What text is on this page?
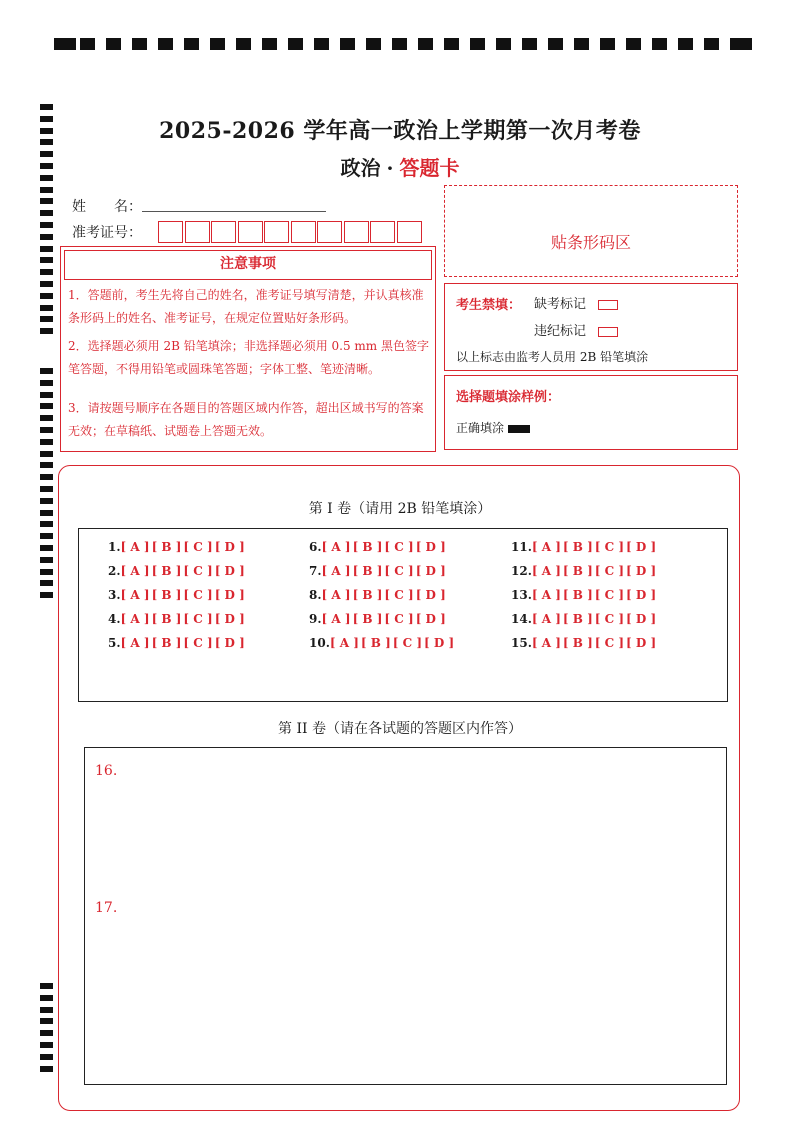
2025-2026 学年高一政治上学期第一次月考卷
政治 · 答题卡
姓　　名：
准考证号：	贴条形码区
注意事项
1．答题前，考生先将自己的姓名，准考证号填写清楚，并认真核准条形码上的姓名、准考证号，在规定位置贴好条形码。
2．选择题必须用 2B 铅笔填涂；非选择题必须用 0.5 mm 黑色签字笔答题，不得用铅笔或圆珠笔答题；字体工整、笔迹清晰。
3．请按题号顺序在各题目的答题区域内作答，超出区域书写的答案无效；在草稿纸、试题卷上答题无效。
考生禁填： 缺考标记
违纪标记
以上标志由监考人员用 2B 铅笔填涂
选择题填涂样例：
正确填涂
第 I 卷（请用 2B 铅笔填涂）
1.[ A ] [ B ] [ C ] [ D ]
2.[ A ] [ B ] [ C ] [ D ]
3.[ A ] [ B ] [ C ] [ D ]
4.[ A ] [ B ] [ C ] [ D ]
5.[ A ] [ B ] [ C ] [ D ]
6.[ A ] [ B ] [ C ] [ D ]
7.[ A ] [ B ] [ C ] [ D ]
8.[ A ] [ B ] [ C ] [ D ]
9.[ A ] [ B ] [ C ] [ D ]
10.[ A ] [ B ] [ C ] [ D ]
11.[ A ] [ B ] [ C ] [ D ]
12.[ A ] [ B ] [ C ] [ D ]
13.[ A ] [ B ] [ C ] [ D ]
14.[ A ] [ B ] [ C ] [ D ]
15.[ A ] [ B ] [ C ] [ D ]
第 II 卷（请在各试题的答题区内作答）
16.
17.
